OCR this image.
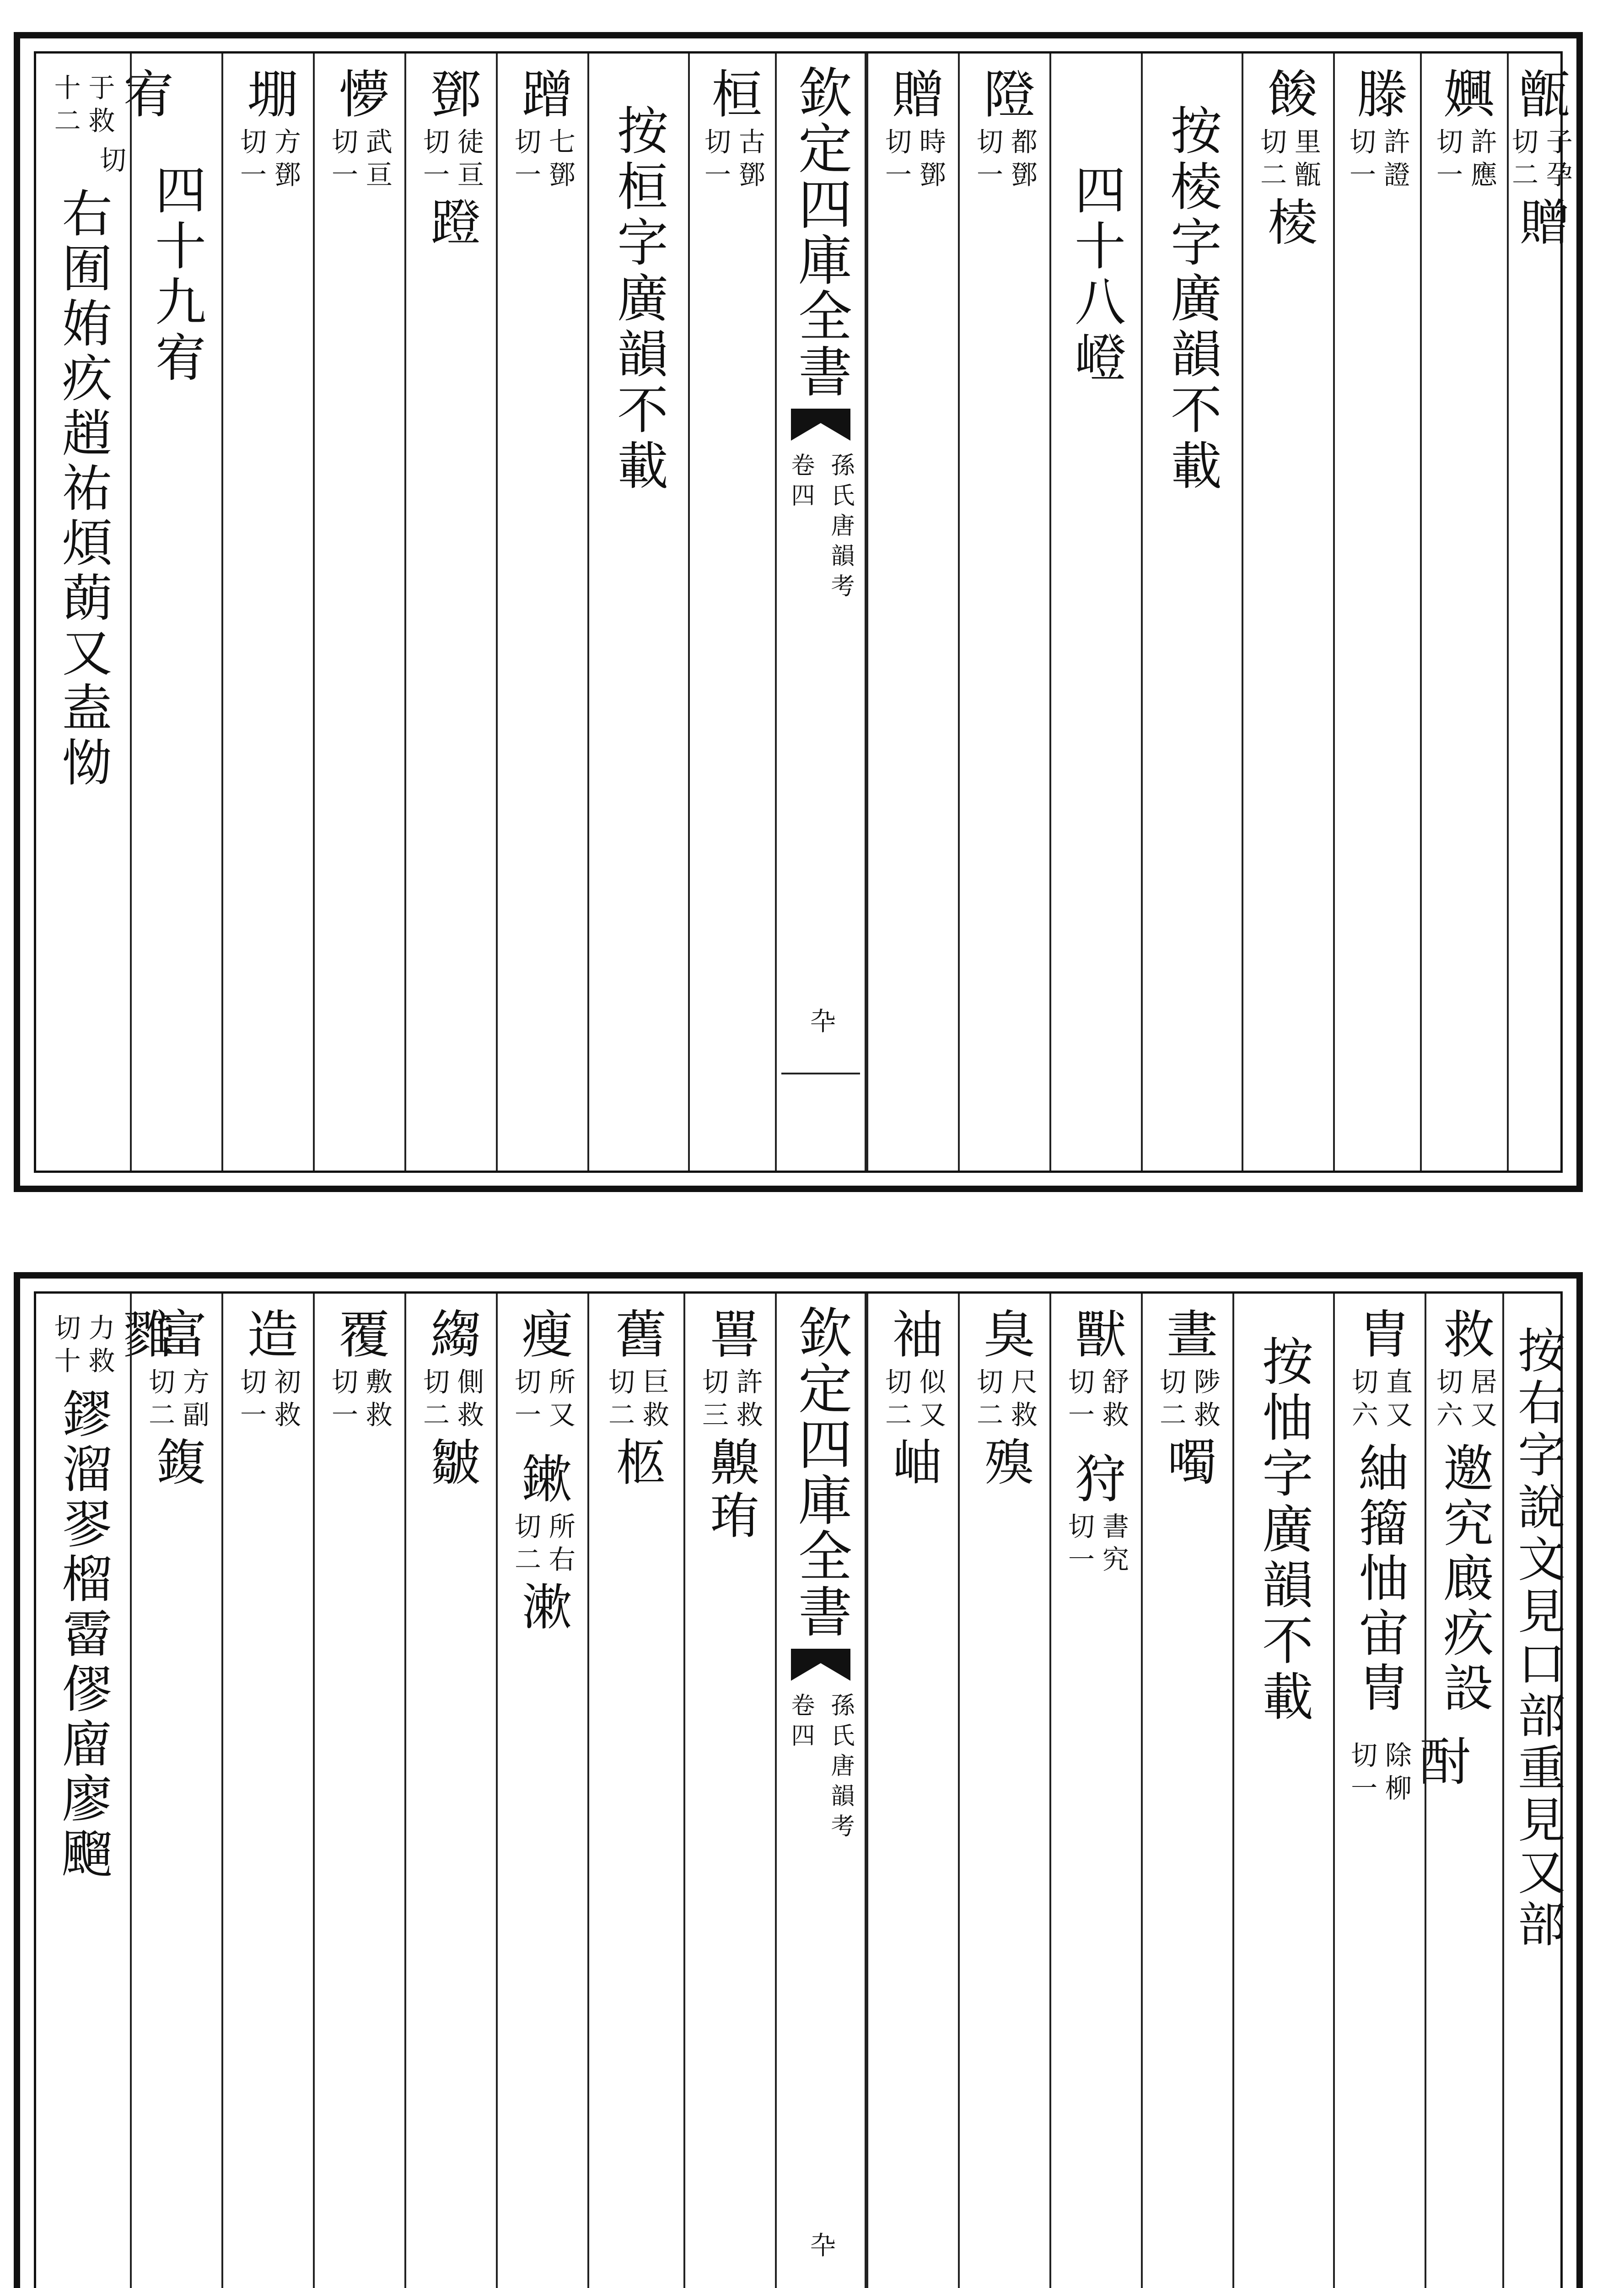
宥
于救
十二
切
右囿姷疚趙祐煩蓢又盍怮 四十九宥
堋
方鄧
切一
懜
武亘
切一
鄧
徒亘
切一
蹬
蹭
七鄧
切一 按桓字廣韻不載
桓
古鄧
切一 欽定四庫全書
孫氏唐韻考
卷四
卆
贈
時鄧
切一
隥
都鄧
切一
四十八嶝 按棱字廣韻不載
餕
里甑
切二
棱
滕
許證
切一
嬹
許應
切一
甑
子孕
切二
贈
雡
力救
切十
鏐溜翏榴霤僇廇廖飀
富
方副
切二
鍑
造
初救
切一
覆
敷救
切一
縐
側救
切二
皺
瘦
所又
切一
鏉
所右
切二
漱
舊
巨救
切二
柩
嘼
許救
切三
齅珛 欽定四庫全書
孫氏唐韻考
卷四
卆
袖
似又
切二
岫
臭
尺救
切二
殠
獸
舒救
切一
狩
書究
切一
晝
陟救
切二
噣 按怞字廣韻不載
胄
直又
切六
紬籀怞宙冑
酎
除柳
切一
救
居又
切六
邀究廄疚設 按右字說文見口部重見又部
